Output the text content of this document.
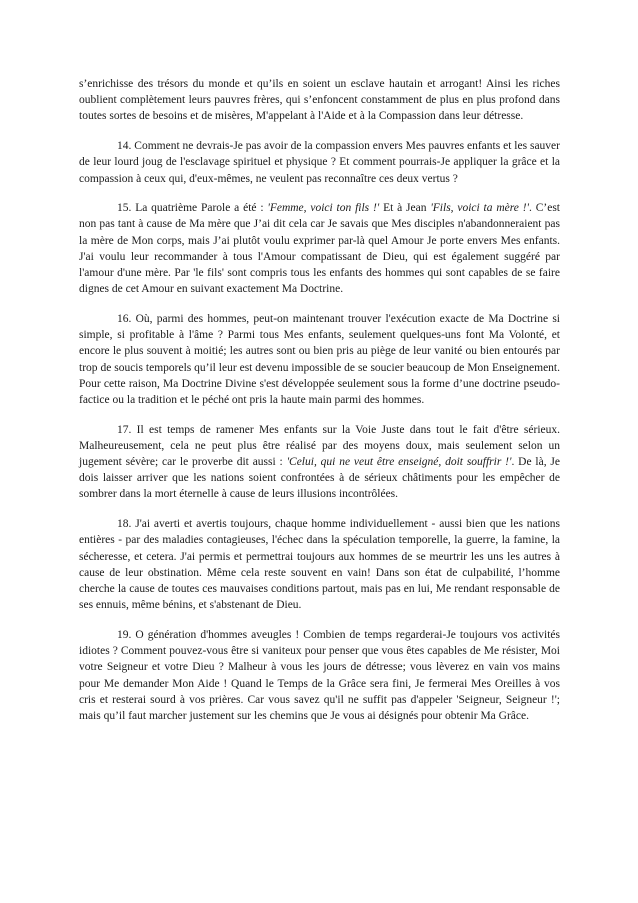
s’enrichisse des trésors du monde et qu’ils en soient un esclave hautain et arrogant! Ainsi les riches oublient complètement leurs pauvres frères, qui s’enfoncent constamment de plus en plus profond dans toutes sortes de besoins et de misères, M'appelant à l'Aide et à la Compassion dans leur détresse.

14. Comment ne devrais-Je pas avoir de la compassion envers Mes pauvres enfants et les sauver de leur lourd joug de l'esclavage spirituel et physique ? Et comment pourrais-Je appliquer la grâce et la compassion à ceux qui, d'eux-mêmes, ne veulent pas reconnaître ces deux vertus ?

15. La quatrième Parole a été : 'Femme, voici ton fils !' Et à Jean 'Fils, voici ta mère !'. C’est non pas tant à cause de Ma mère que J’ai dit cela car Je savais que Mes disciples n'abandonneraient pas la mère de Mon corps, mais J’ai plutôt voulu exprimer par-là quel Amour Je porte envers Mes enfants. J'ai voulu leur recommander à tous l'Amour compatissant de Dieu, qui est également suggéré par l'amour d'une mère. Par 'le fils' sont compris tous les enfants des hommes qui sont capables de se faire dignes de cet Amour en suivant exactement Ma Doctrine.

16. Où, parmi des hommes, peut-on maintenant trouver l'exécution exacte de Ma Doctrine si simple, si profitable à l'âme ? Parmi tous Mes enfants, seulement quelques-uns font Ma Volonté, et encore le plus souvent à moitié; les autres sont ou bien pris au piège de leur vanité ou bien entourés par trop de soucis temporels qu’il leur est devenu impossible de se soucier beaucoup de Mon Enseignement. Pour cette raison, Ma Doctrine Divine s'est développée seulement sous la forme d’une doctrine pseudo-factice ou la tradition et le péché ont pris la haute main parmi des hommes.

17. Il est temps de ramener Mes enfants sur la Voie Juste dans tout le fait d'être sérieux. Malheureusement, cela ne peut plus être réalisé par des moyens doux, mais seulement selon un jugement sévère; car le proverbe dit aussi : 'Celui, qui ne veut être enseigné, doit souffrir !'. De là, Je dois laisser arriver que les nations soient confrontées à de sérieux châtiments pour les empêcher de sombrer dans la mort éternelle à cause de leurs illusions incontrôlées.

18. J'ai averti et avertis toujours, chaque homme individuellement - aussi bien que les nations entières - par des maladies contagieuses, l'échec dans la spéculation temporelle, la guerre, la famine, la sécheresse, et cetera. J'ai permis et permettrai toujours aux hommes de se meurtrir les uns les autres à cause de leur obstination. Même cela reste souvent en vain! Dans son état de culpabilité, l’homme cherche la cause de toutes ces mauvaises conditions partout, mais pas en lui, Me rendant responsable de ses ennuis, même bénins, et s'abstenant de Dieu.

19. O génération d'hommes aveugles ! Combien de temps regarderai-Je toujours vos activités idiotes ? Comment pouvez-vous être si vaniteux pour penser que vous êtes capables de Me résister, Moi votre Seigneur et votre Dieu ? Malheur à vous les jours de détresse; vous lèverez en vain vos mains pour Me demander Mon Aide ! Quand le Temps de la Grâce sera fini, Je fermerai Mes Oreilles à vos cris et resterai sourd à vos prières. Car vous savez qu'il ne suffit pas d'appeler 'Seigneur, Seigneur !'; mais qu’il faut marcher justement sur les chemins que Je vous ai désignés pour obtenir Ma Grâce.
